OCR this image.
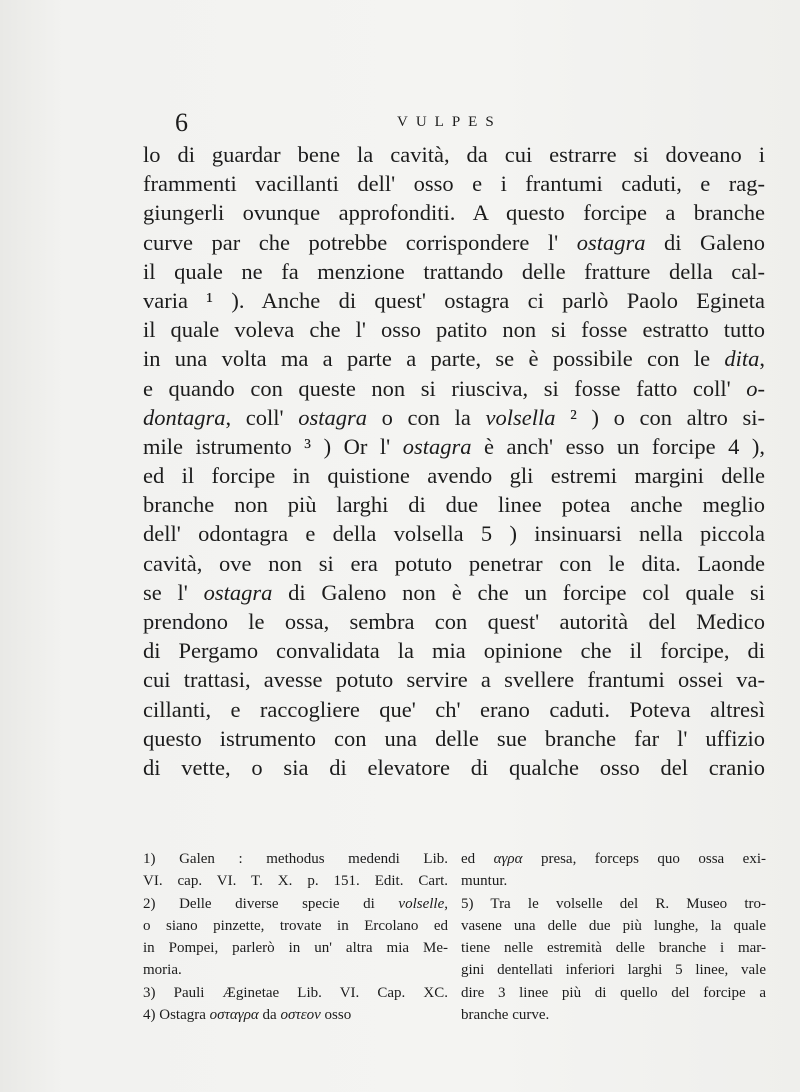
6	VULPES
lo di guardar bene la cavità, da cui estrarre si doveano i
frammenti vacillanti dell' osso e i frantumi caduti, e rag-
giungerli ovunque approfonditi. A questo forcipe a branche
curve par che potrebbe corrispondere l' ostagra di Galeno
il quale ne fa menzione trattando delle fratture della cal-
varia ¹ ). Anche di quest' ostagra ci parlò Paolo Egineta
il quale voleva che l' osso patito non si fosse estratto tutto
in una volta ma a parte a parte, se è possibile con le dita,
e quando con queste non si riusciva, si fosse fatto coll' o-
dontagra, coll' ostagra o con la volsella ² ) o con altro si-
mile istrumento ³ ) Or l' ostagra è anch' esso un forcipe 4 ),
ed il forcipe in quistione avendo gli estremi margini delle
branche non più larghi di due linee potea anche meglio
dell' odontagra e della volsella 5 ) insinuarsi nella piccola
cavità, ove non si era potuto penetrar con le dita. Laonde
se l' ostagra di Galeno non è che un forcipe col quale si
prendono le ossa, sembra con quest' autorità del Medico
di Pergamo convalidata la mia opinione che il forcipe, di
cui trattasi, avesse potuto servire a svellere frantumi ossei va-
cillanti, e raccogliere que' ch' erano caduti. Poteva altresì
questo istrumento con una delle sue branche far l' uffizio
di vette, o sia di elevatore di qualche osso del cranio
1) Galen : methodus medendi Lib.
VI. cap. VI. T. X. p. 151. Edit. Cart.
2) Delle diverse specie di volselle,
o siano pinzette, trovate in Ercolano ed
in Pompei, parlerò in un' altra mia Me-
moria.
3) Pauli Æginetae Lib. VI. Cap. XC.
4) Ostagra οσταγρα da οστεον osso
ed αγρα presa, forceps quo ossa exi-
muntur.
5) Tra le volselle del R. Museo tro-
vasene una delle due più lunghe, la quale
tiene nelle estremità delle branche i mar-
gini dentellati inferiori larghi 5 linee, vale
dire 3 linee più di quello del forcipe a
branche curve.
